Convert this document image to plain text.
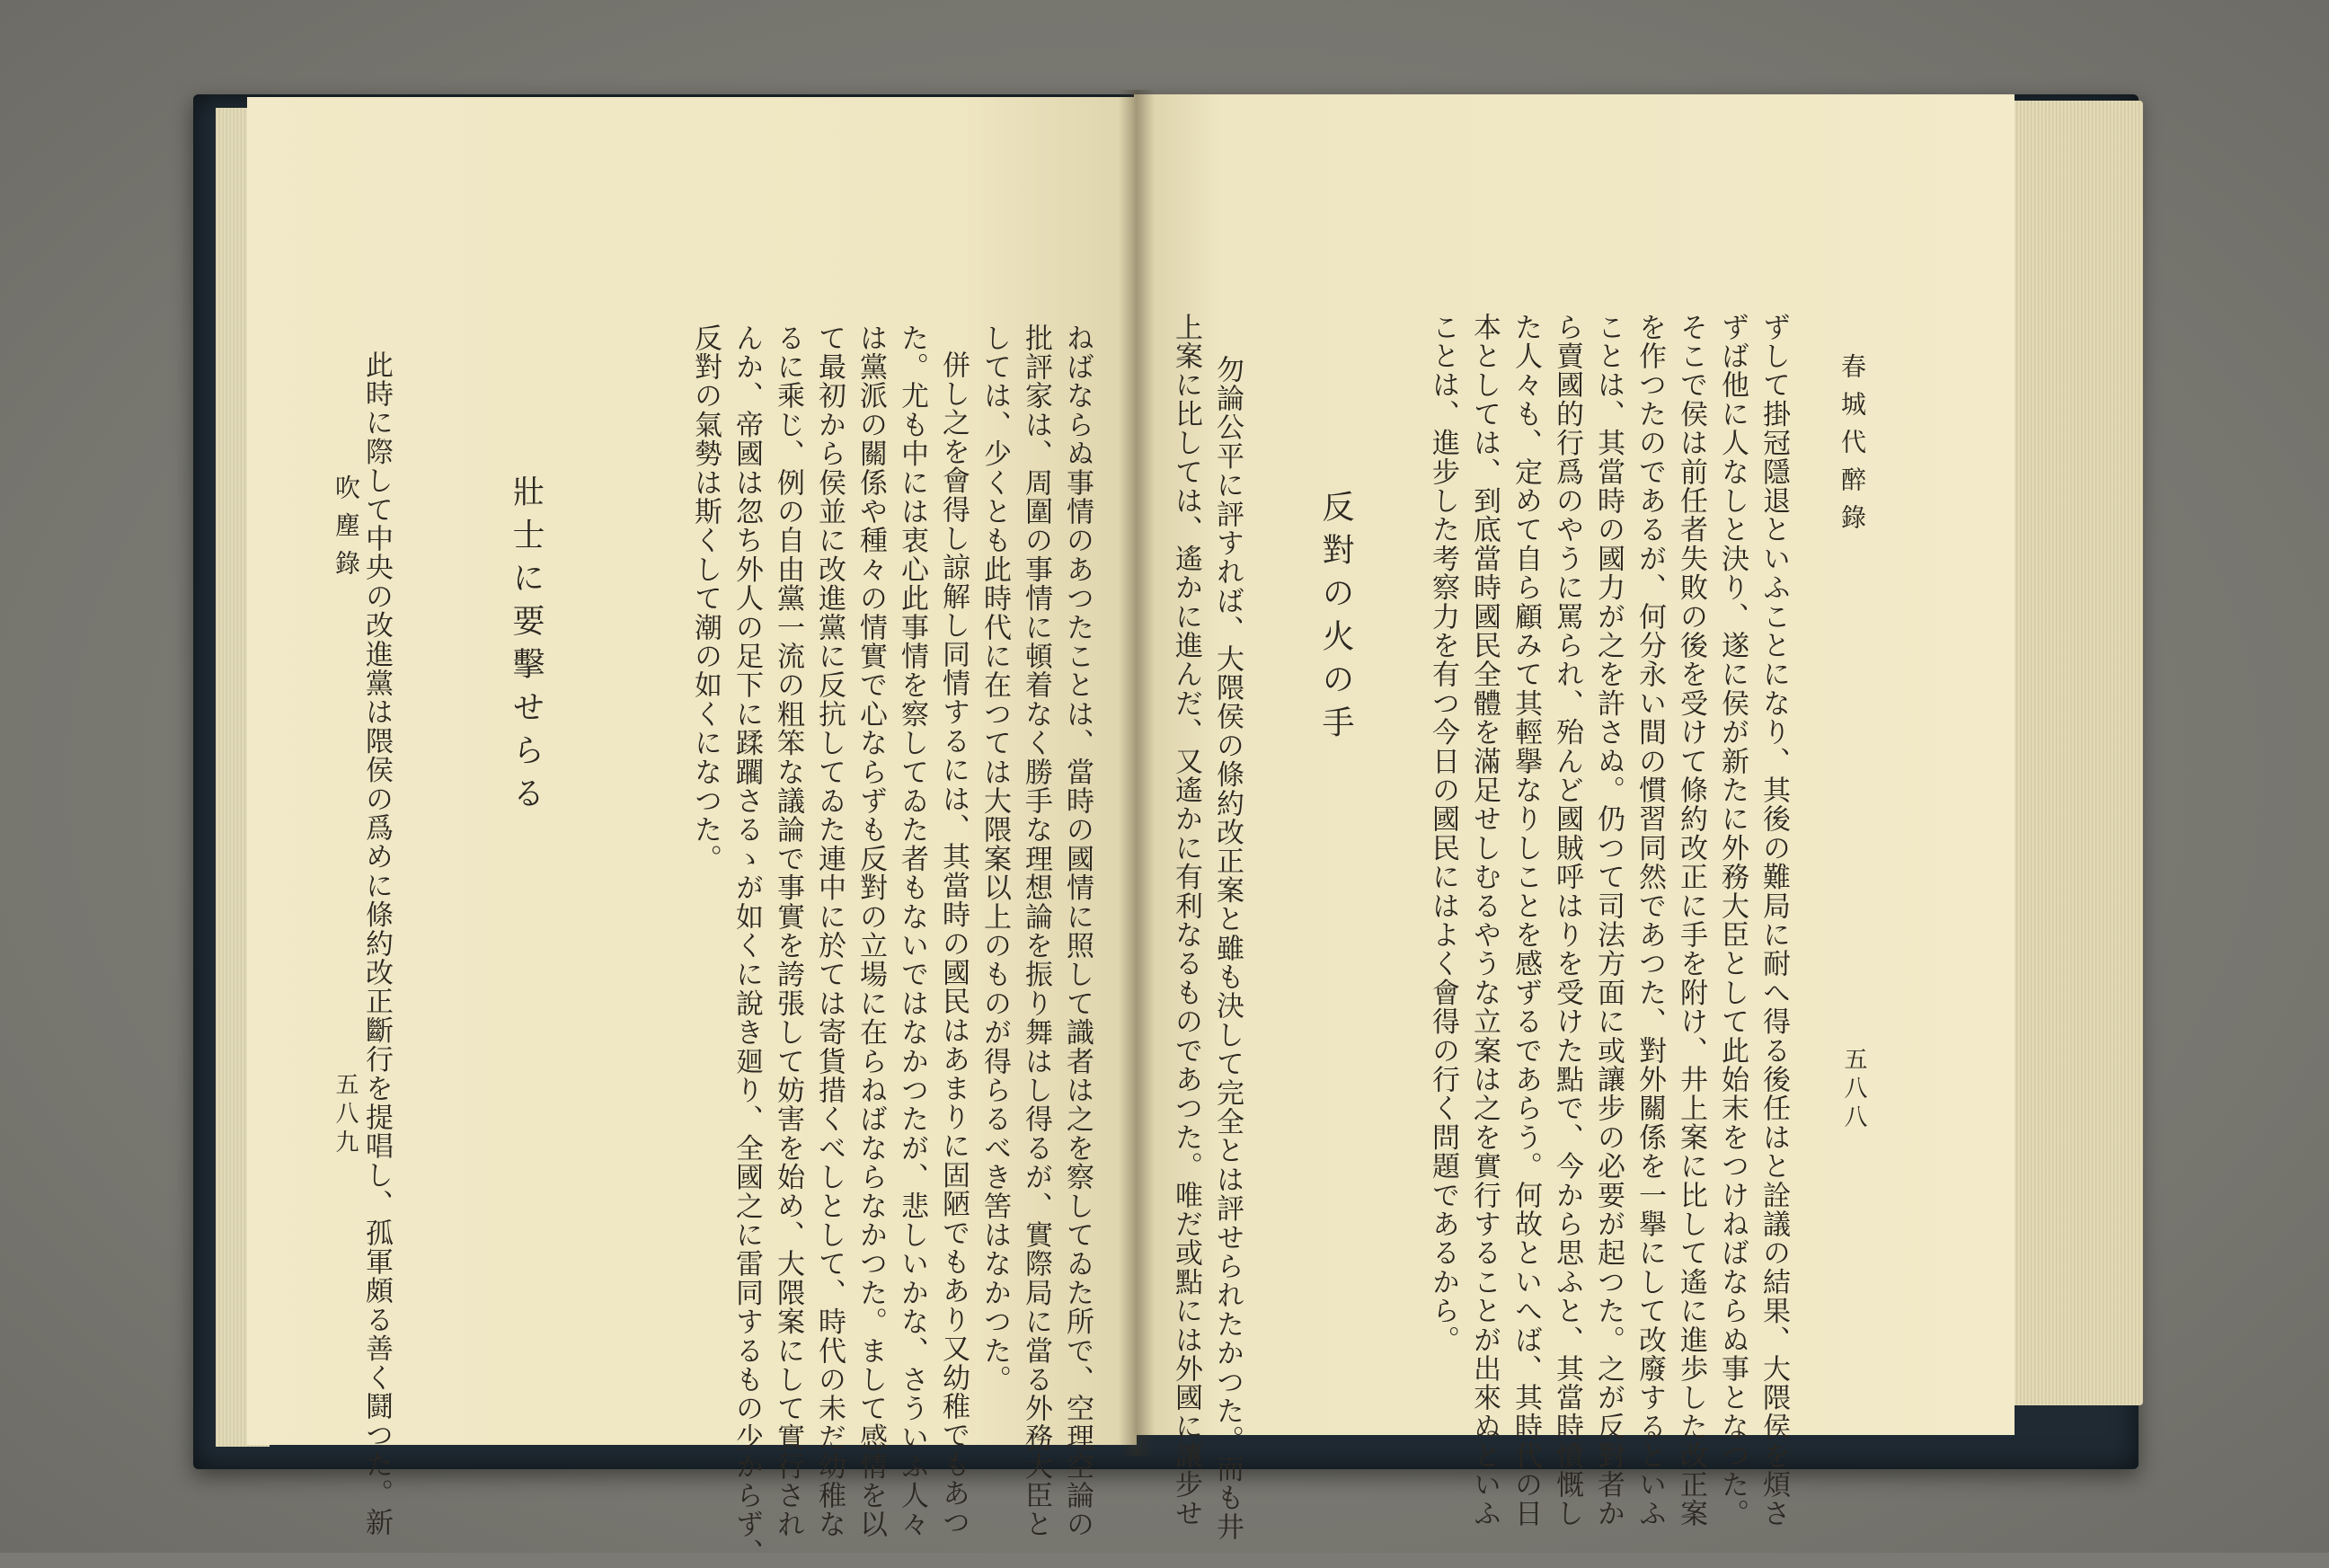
ねばならぬ事情のあつたことは、當時の國情に照して識者は之を察してゐた所で、空理空論の
批評家は、周圍の事情に頓着なく勝手な理想論を振り舞はし得るが、實際局に當る外務大臣と
しては、少くとも此時代に在つては大隈案以上のものが得らるべき筈はなかつた。
併し之を會得し諒解し同情するには、其當時の國民はあまりに固陋でもあり又幼稚でもあつ
た。尤も中には衷心此事情を察してゐた者もないではなかつたが、悲しいかな、さういふ人々
は黨派の關係や種々の情實で心ならずも反對の立場に在らねばならなかつた。まして感情を以
て最初から侯並に改進黨に反抗してゐた連中に於ては寄貨措くべしとして、時代の未だ幼稚な
るに乘じ、例の自由黨一流の粗笨な議論で事實を誇張して妨害を始め、大隈案にして實行され
んか、帝國は忽ち外人の足下に蹂躙さるゝが如くに說き廻り、全國之に雷同するもの少からず、
反對の氣勢は斯くして潮の如くになつた。
壯士に要擊せらる
此時に際して中央の改進黨は隈侯の爲めに條約改正斷行を提唱し、孤軍頗る善く鬪つた。新
吹塵錄
五八九
春城代醉錄
五八八
ずして掛冠隱退といふことになり、其後の難局に耐へ得る後任はと詮議の結果、大隈侯を煩さ
ずば他に人なしと決り、遂に侯が新たに外務大臣として此始末をつけねばならぬ事となつた。
そこで侯は前任者失敗の後を受けて條約改正に手を附け、井上案に比して遙に進歩した改正案
を作つたのであるが、何分永い間の慣習同然であつた、對外關係を一擧にして改廢するといふ
ことは、其當時の國力が之を許さぬ。仍つて司法方面に或讓步の必要が起つた。之が反對者か
ら賣國的行爲のやうに罵られ、殆んど國賊呼はりを受けた點で、今から思ふと、其當時憤慨し
た人々も、定めて自ら顧みて其輕擧なりしことを感ずるであらう。何故といへば、其時代の日
本としては、到底當時國民全體を滿足せしむるやうな立案は之を實行することが出來ぬといふ
ことは、進步した考察力を有つ今日の國民にはよく會得の行く問題であるから。
反對の火の手
勿論公平に評すれば、大隈侯の條約改正案と雖も決して完全とは評せられたかつた。而も井
上案に比しては、遙かに進んだ、又遙かに有利なるものであつた。唯だ或點には外國に讓步せ
